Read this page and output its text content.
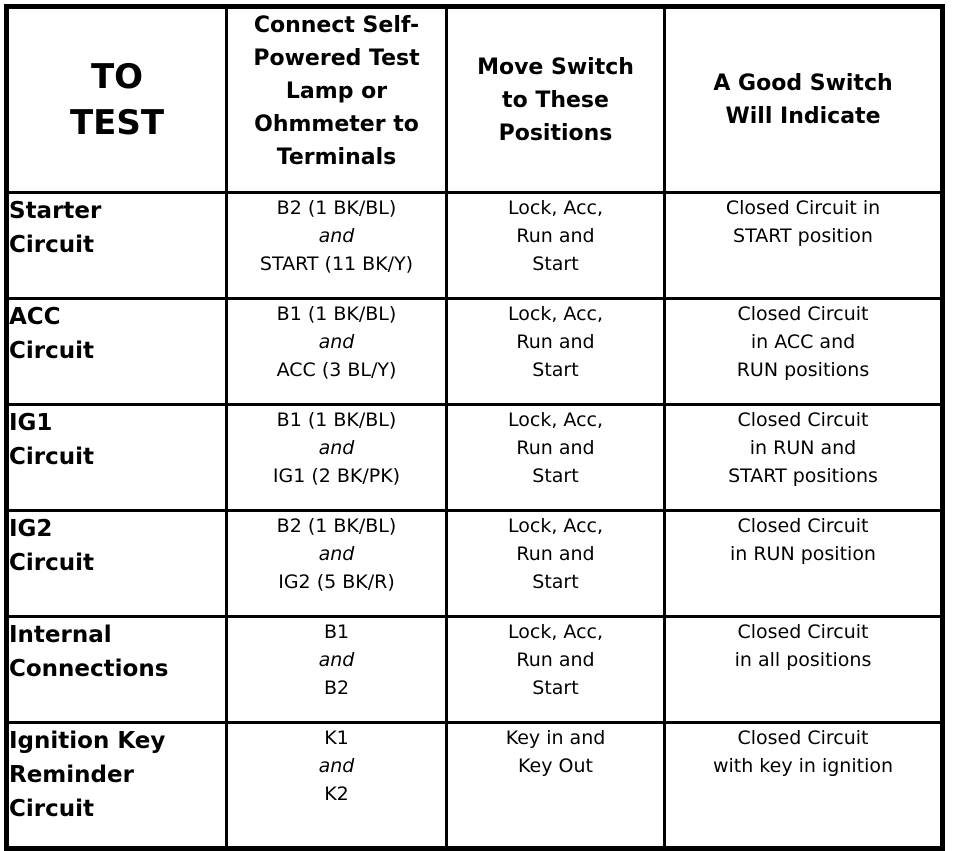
TO
TEST	Connect Self-
Powered Test
Lamp or
Ohmmeter to
Terminals	Move Switch
to These
Positions	A Good Switch
Will Indicate

Starter
Circuit	B2 (1 BK/BL)
and
START (11 BK/Y)	Lock, Acc,
Run and
Start	Closed Circuit in
START position

ACC
Circuit	B1 (1 BK/BL)
and
ACC (3 BL/Y)	Lock, Acc,
Run and
Start	Closed Circuit
in ACC and
RUN positions

IG1
Circuit	B1 (1 BK/BL)
and
IG1 (2 BK/PK)	Lock, Acc,
Run and
Start	Closed Circuit
in RUN and
START positions

IG2
Circuit	B2 (1 BK/BL)
and
IG2 (5 BK/R)	Lock, Acc,
Run and
Start	Closed Circuit
in RUN position

Internal
Connections	B1
and
B2	Lock, Acc,
Run and
Start	Closed Circuit
in all positions

Ignition Key
Reminder
Circuit	K1
and
K2	Key in and
Key Out	Closed Circuit
with key in ignition
